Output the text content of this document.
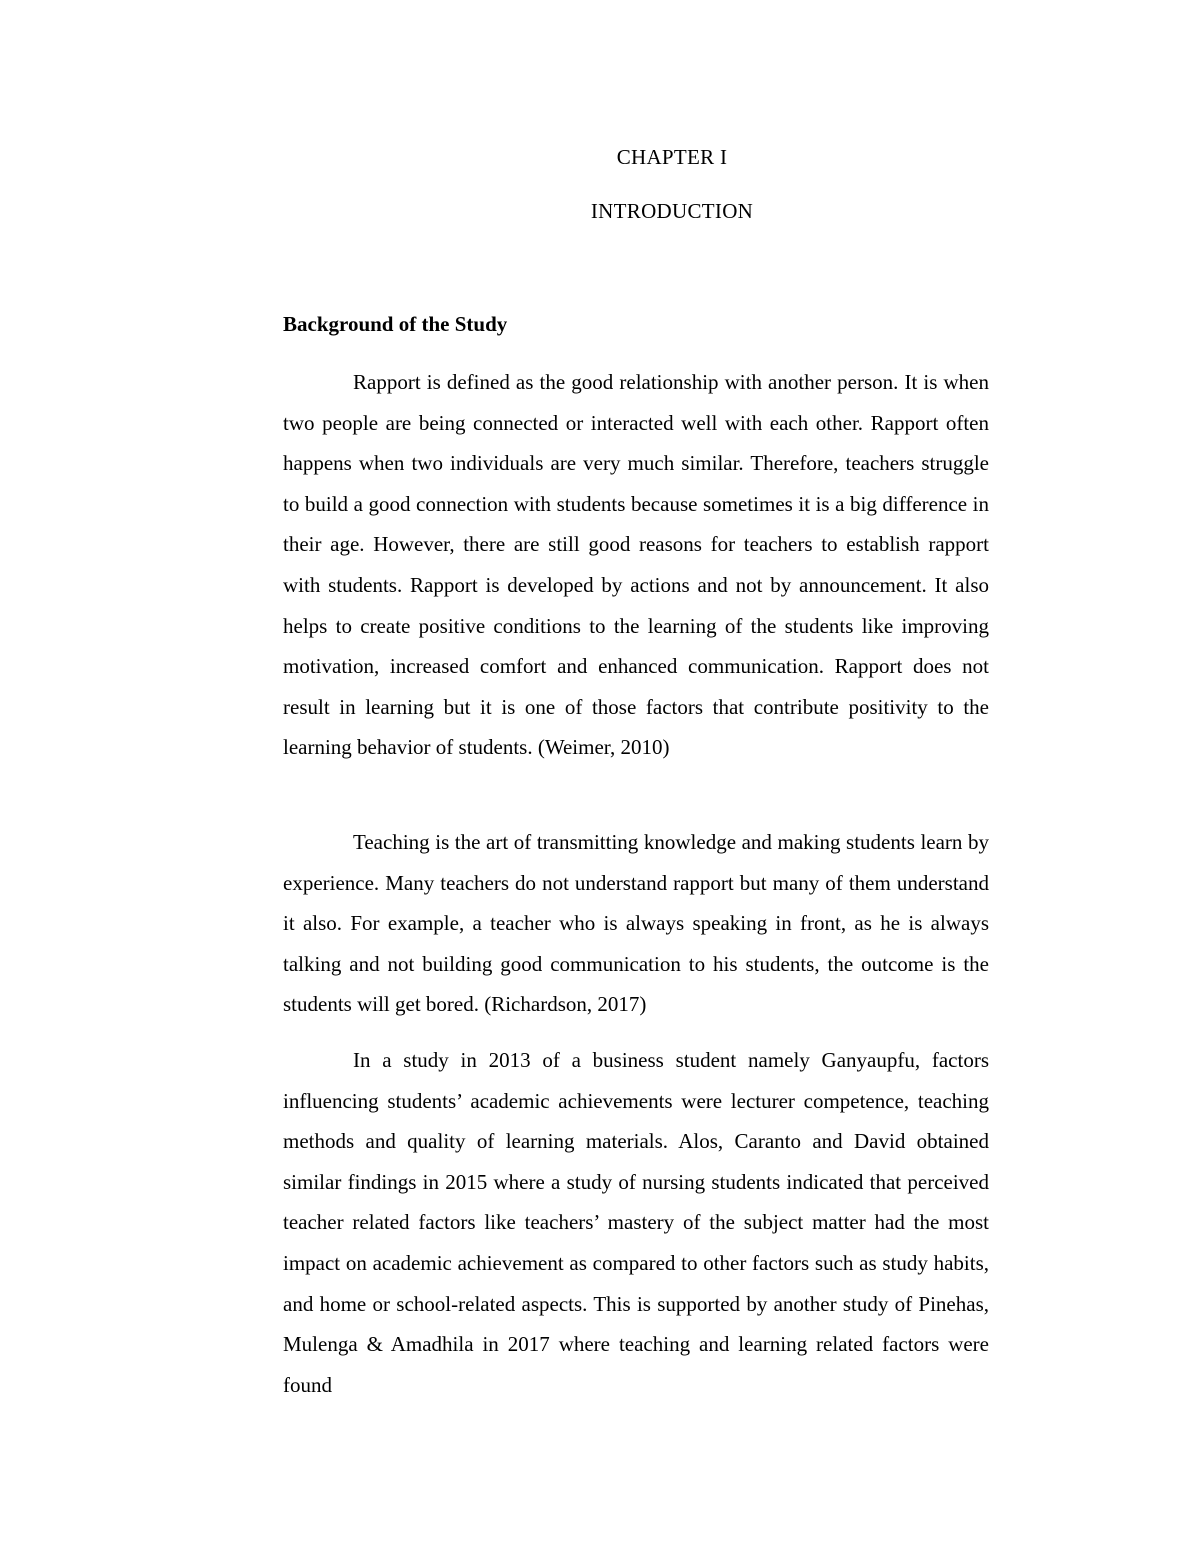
CHAPTER I
INTRODUCTION
Background of the Study

Rapport is defined as the good relationship with another person. It is when two people are being connected or interacted well with each other. Rapport often happens when two individuals are very much similar. Therefore, teachers struggle to build a good connection with students because sometimes it is a big difference in their age. However, there are still good reasons for teachers to establish rapport with students. Rapport is developed by actions and not by announcement. It also helps to create positive conditions to the learning of the students like improving motivation, increased comfort and enhanced communication. Rapport does not result in learning but it is one of those factors that contribute positivity to the learning behavior of students. (Weimer, 2010)

Teaching is the art of transmitting knowledge and making students learn by experience. Many teachers do not understand rapport but many of them understand it also. For example, a teacher who is always speaking in front, as he is always talking and not building good communication to his students, the outcome is the students will get bored. (Richardson, 2017)

In a study in 2013 of a business student namely Ganyaupfu, factors influencing students’ academic achievements were lecturer competence, teaching methods and quality of learning materials. Alos, Caranto and David obtained similar findings in 2015 where a study of nursing students indicated that perceived teacher related factors like teachers’ mastery of the subject matter had the most impact on academic achievement as compared to other factors such as study habits, and home or school-related aspects. This is supported by another study of Pinehas, Mulenga & Amadhila in 2017 where teaching and learning related factors were found
